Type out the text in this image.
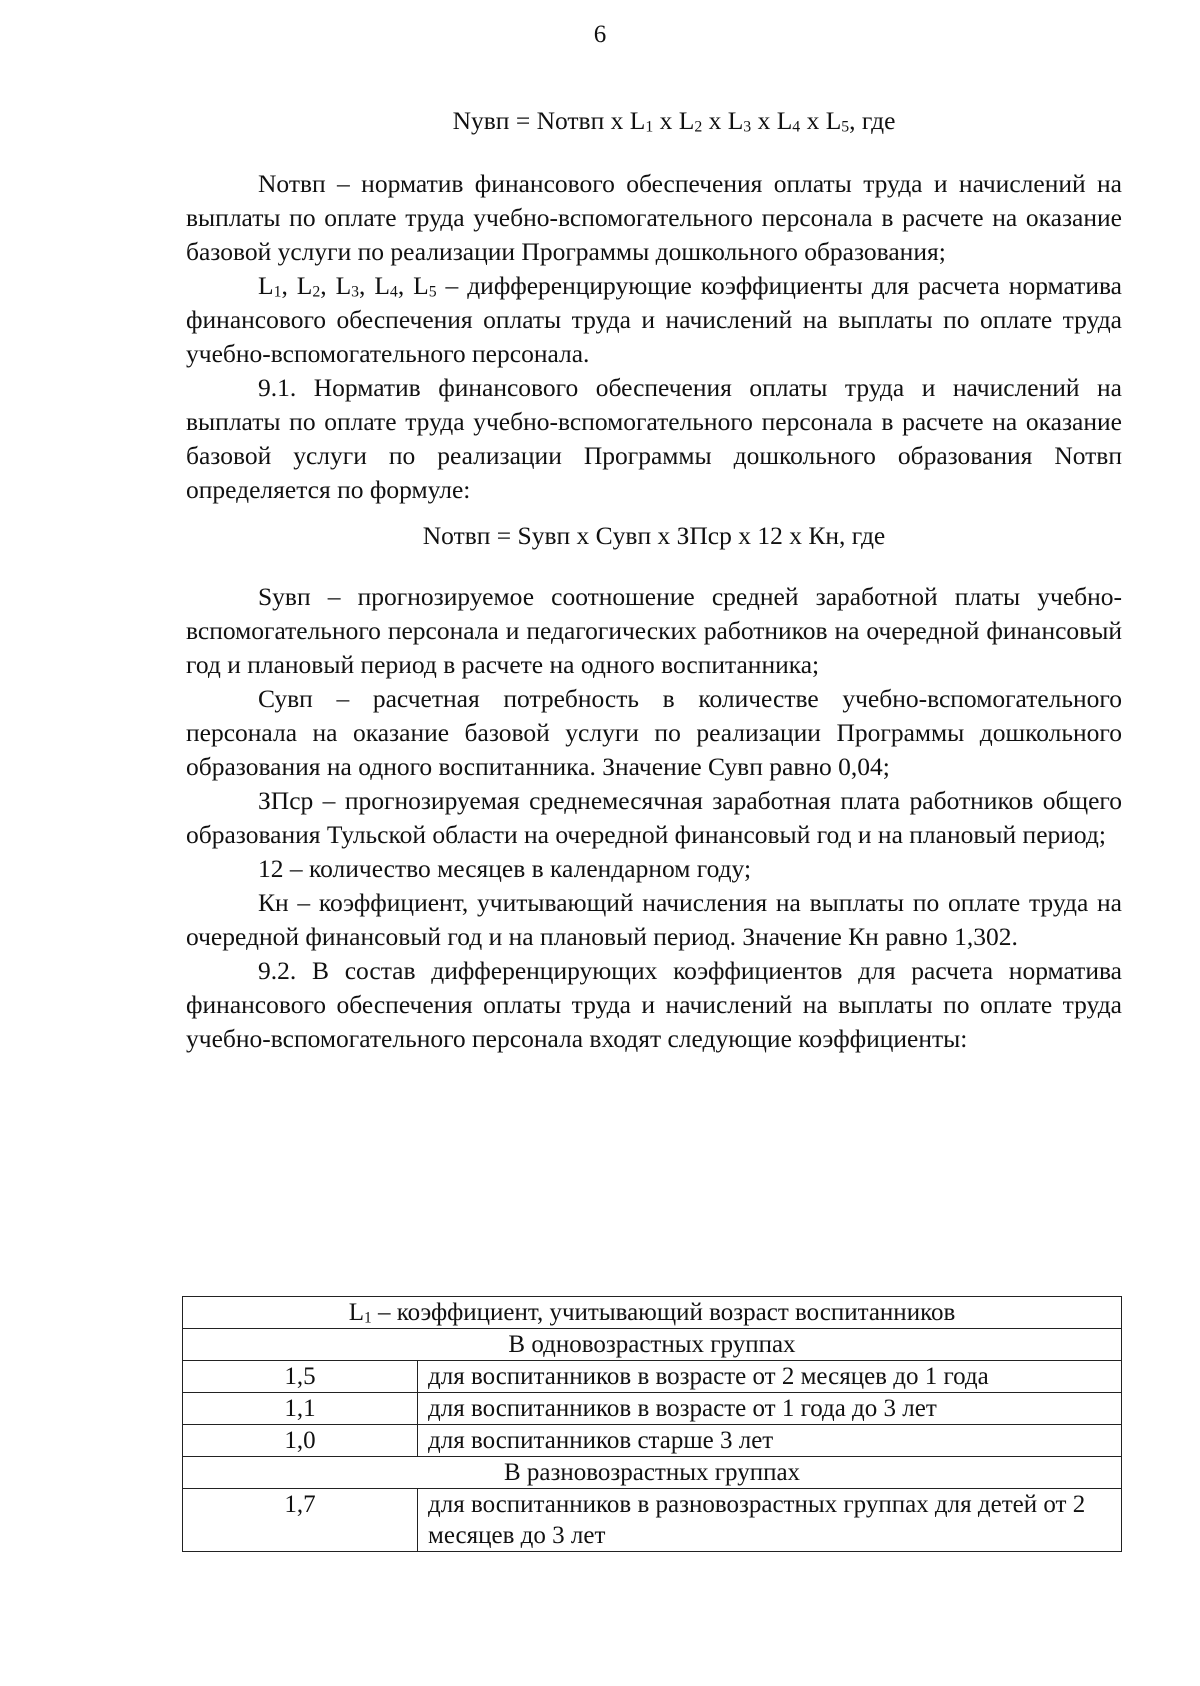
6

Nувп = Nотвп x $L_1$ x $L_2$ x $L_3$ x $L_4$ x $L_5$, где

Nотвп – норматив финансового обеспечения оплаты труда и начислений на выплаты по оплате труда учебно-вспомогательного персонала в расчете на оказание базовой услуги по реализации Программы дошкольного образования;

$L_1$, $L_2$, $L_3$, $L_4$, $L_5$ – дифференцирующие коэффициенты для расчета норматива финансового обеспечения оплаты труда и начислений на выплаты по оплате труда учебно-вспомогательного персонала.

9.1. Норматив финансового обеспечения оплаты труда и начислений на выплаты по оплате труда учебно-вспомогательного персонала в расчете на оказание базовой услуги по реализации Программы дошкольного образования Nотвп определяется по формуле:

Nотвп = Sувп x Cувп x ЗПср x 12 x Кн, где

Sувп – прогнозируемое соотношение средней заработной платы учебно-вспомогательного персонала и педагогических работников на очередной финансовый год и плановый период в расчете на одного воспитанника;

Сувп – расчетная потребность в количестве учебно-вспомогательного персонала на оказание базовой услуги по реализации Программы дошкольного образования на одного воспитанника. Значение Сувп равно 0,04;

ЗПср – прогнозируемая среднемесячная заработная плата работников общего образования Тульской области на очередной финансовый год и на плановый период;

12 – количество месяцев в календарном году;

Кн – коэффициент, учитывающий начисления на выплаты по оплате труда на очередной финансовый год и на плановый период. Значение Кн равно 1,302.

9.2. В состав дифференцирующих коэффициентов для расчета норматива финансового обеспечения оплаты труда и начислений на выплаты по оплате труда учебно-вспомогательного персонала входят следующие коэффициенты:

$L_1$ – коэффициент, учитывающий возраст воспитанников	
В одновозрастных группах	
1,5	для воспитанников в возрасте от 2 месяцев до 1 года
1,1	для воспитанников в возрасте от 1 года до 3 лет
1,0	для воспитанников старше 3 лет
В разновозрастных группах	
1,7	для воспитанников в разновозрастных группах для детей от 2 месяцев до 3 лет
